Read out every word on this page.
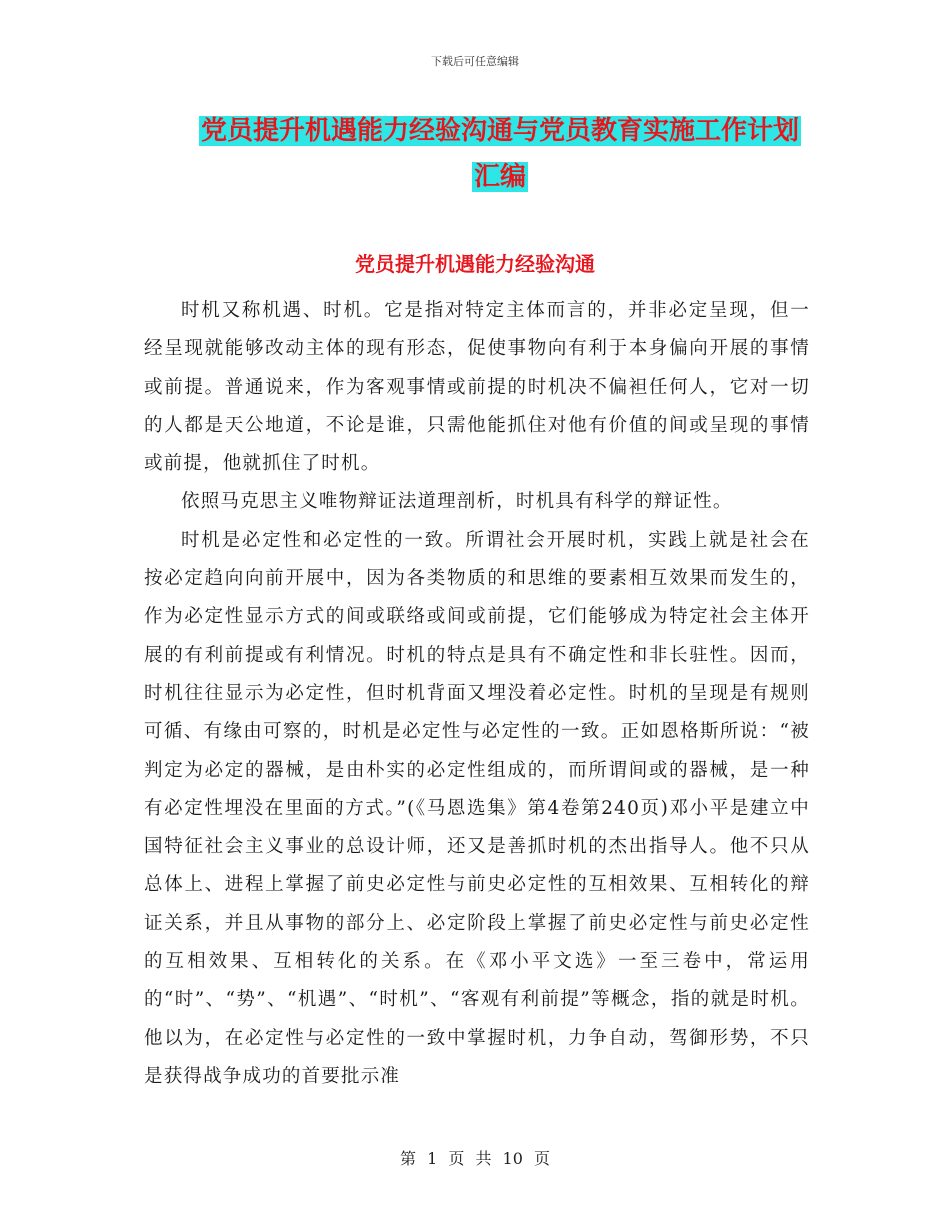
下载后可任意编辑
党员提升机遇能力经验沟通与党员教育实施工作计划
汇编
党员提升机遇能力经验沟通

时机又称机遇、时机。它是指对特定主体而言的，并非必定呈现，但一经呈现就能够改动主体的现有形态，促使事物向有利于本身偏向开展的事情或前提。普通说来，作为客观事情或前提的时机决不偏袒任何人，它对一切的人都是天公地道，不论是谁，只需他能抓住对他有价值的间或呈现的事情或前提，他就抓住了时机。

依照马克思主义唯物辩证法道理剖析，时机具有科学的辩证性。

时机是必定性和必定性的一致。所谓社会开展时机，实践上就是社会在按必定趋向向前开展中，因为各类物质的和思维的要素相互效果而发生的，作为必定性显示方式的间或联络或间或前提，它们能够成为特定社会主体开展的有利前提或有利情况。时机的特点是具有不确定性和非长驻性。因而，时机往往显示为必定性，但时机背面又埋没着必定性。时机的呈现是有规则可循、有缘由可察的，时机是必定性与必定性的一致。正如恩格斯所说：“被判定为必定的器械，是由朴实的必定性组成的，而所谓间或的器械，是一种有必定性埋没在里面的方式。”(《马恩选集》第4卷第240页)邓小平是建立中国特征社会主义事业的总设计师，还又是善抓时机的杰出指导人。他不只从总体上、进程上掌握了前史必定性与前史必定性的互相效果、互相转化的辩证关系，并且从事物的部分上、必定阶段上掌握了前史必定性与前史必定性的互相效果、互相转化的关系。在《邓小平文选》一至三卷中，常运用的“时”、“势”、“机遇”、“时机”、“客观有利前提”等概念，指的就是时机。他以为，在必定性与必定性的一致中掌握时机，力争自动，驾御形势，不只是获得战争成功的首要批示准

第 1 页 共 10 页
